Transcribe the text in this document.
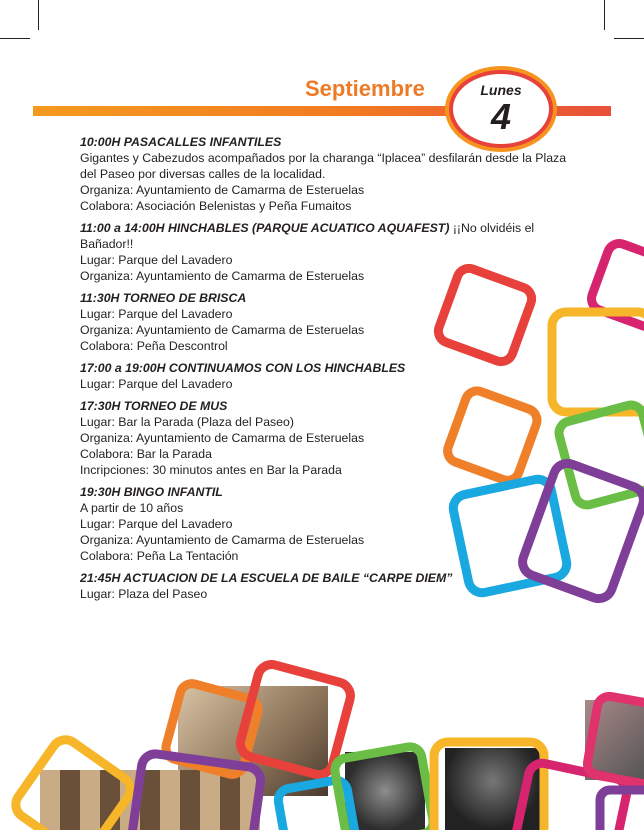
Septiembre	Lunes
4
10:00H PASACALLES INFANTILES
Gigantes y Cabezudos acompañados por la charanga “Iplacea” desfilarán desde la Plaza
del Paseo por diversas calles de la localidad.
Organiza: Ayuntamiento de Camarma de Esteruelas
Colabora: Asociación Belenistas y Peña Fumaitos
11:00 a 14:00H HINCHABLES (PARQUE ACUATICO AQUAFEST) ¡¡No olvidéis el Bañador!!
Lugar: Parque del Lavadero
Organiza: Ayuntamiento de Camarma de Esteruelas
11:30H TORNEO DE BRISCA
Lugar: Parque del Lavadero
Organiza: Ayuntamiento de Camarma de Esteruelas
Colabora: Peña Descontrol
17:00 a 19:00H CONTINUAMOS CON LOS HINCHABLES
Lugar: Parque del Lavadero
17:30H TORNEO DE MUS
Lugar: Bar la Parada (Plaza del Paseo)
Organiza: Ayuntamiento de Camarma de Esteruelas
Colabora: Bar la Parada
Incripciones: 30 minutos antes en Bar la Parada
19:30H BINGO INFANTIL
A partir de 10 años
Lugar: Parque del Lavadero
Organiza: Ayuntamiento de Camarma de Esteruelas
Colabora: Peña La Tentación
21:45H ACTUACION DE LA ESCUELA DE BAILE “CARPE DIEM”
Lugar: Plaza del Paseo
